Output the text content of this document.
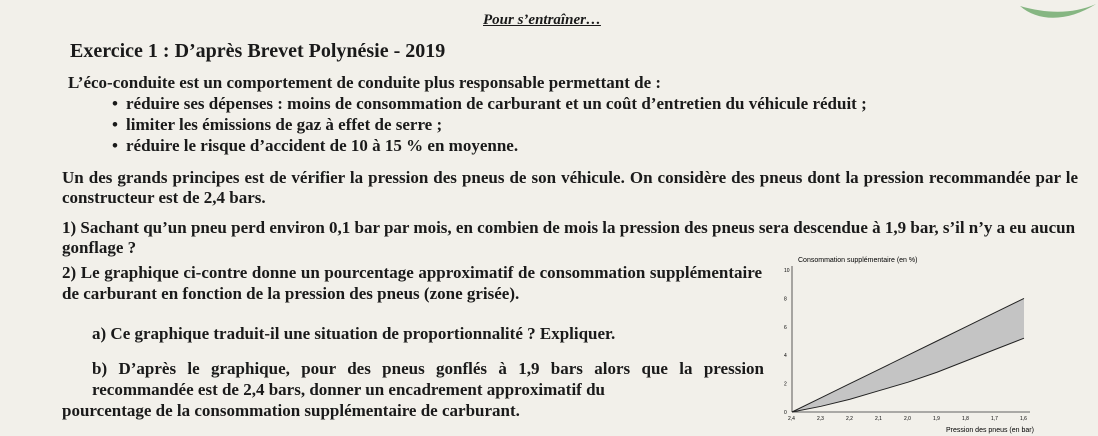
Pour s’entraîner…
Exercice 1 : D’après Brevet Polynésie - 2019

L’éco-conduite est un comportement de conduite plus responsable permettant de :

• réduire ses dépenses : moins de consommation de carburant et un coût d’entretien du véhicule réduit ;
• limiter les émissions de gaz à effet de serre ;
• réduire le risque d’accident de 10 à 15 % en moyenne.

Un des grands principes est de vérifier la pression des pneus de son véhicule. On considère des pneus dont la pression recommandée par le constructeur est de 2,4 bars.

1) Sachant qu’un pneu perd environ 0,1 bar par mois, en combien de mois la pression des pneus sera descendue à 1,9 bar, s’il n’y a eu aucun gonflage ?

2) Le graphique ci-contre donne un pourcentage approximatif de consommation supplémentaire de carburant en fonction de la pression des pneus (zone grisée).

a) Ce graphique traduit-il une situation de proportionnalité ? Expliquer.

b) D’après le graphique, pour des pneus gonflés à 1,9 bars alors que la pression recommandée est de 2,4 bars, donner un encadrement approximatif du
pourcentage de la consommation supplémentaire de carburant.

Consommation supplémentaire (en %)
0
2
4
6
8
10
2,4	2,3	2,2	2,1	2,0	1,9	1,8	1,7	1,6
Pression des pneus (en bar)
